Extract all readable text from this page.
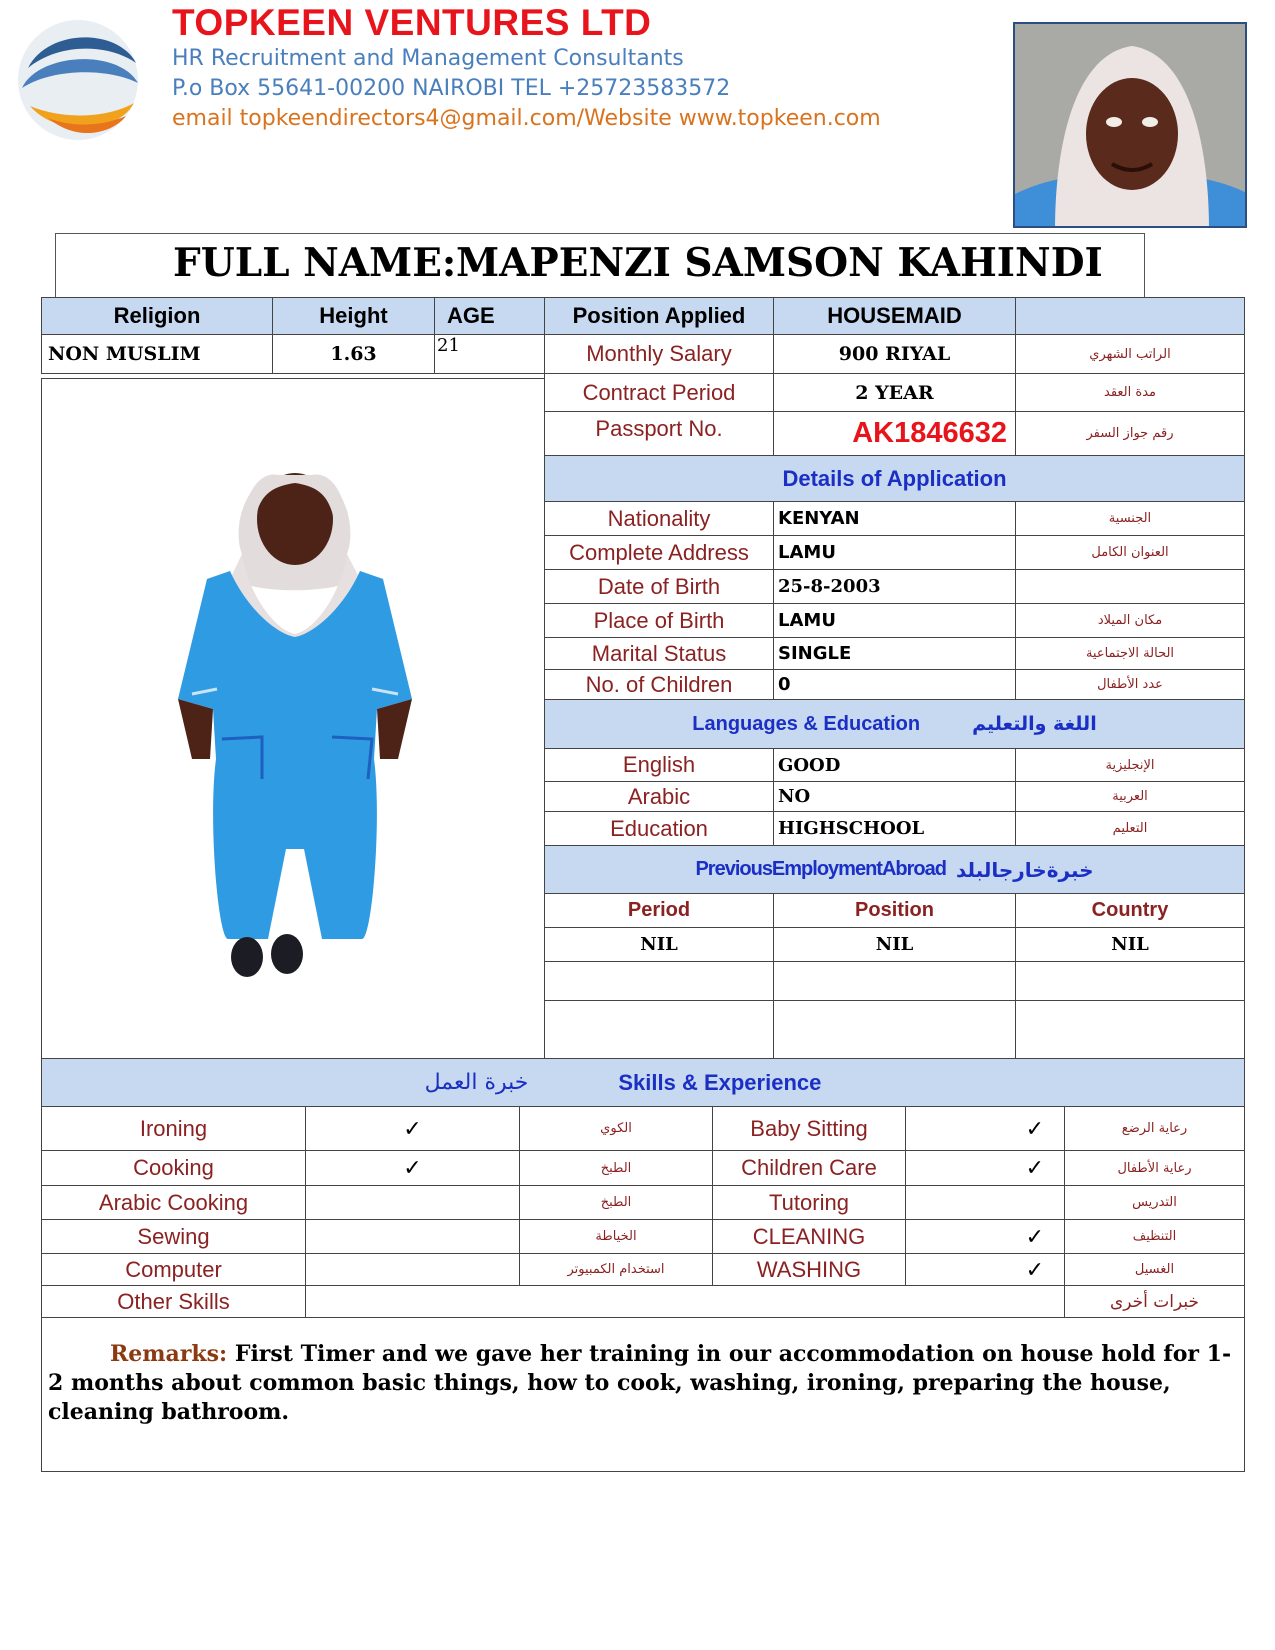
TOPKEEN VENTURES LTD
HR Recruitment and Management Consultants
P.o Box 55641-00200 NAIROBI TEL +25723583572
email topkeendirectors4@gmail.com/Website www.topkeen.com
FULL NAME: MAPENZI SAMSON KAHINDI
Religion	Height	AGE	Position Applied	HOUSEMAID
NON MUSLIM	1.63	21	Monthly Salary	900 RIYAL	الراتب الشهري
Contract Period	2 YEAR	مدة العقد
Passport No.	AK1846632	رقم جواز السفر
Details of Application
Nationality	KENYAN	الجنسية
Complete Address	LAMU	العنوان الكامل
Date of Birth	25-8-2003
Place of Birth	LAMU	مكان الميلاد
Marital Status	SINGLE	الحالة الاجتماعية
No. of Children	0	عدد الأطفال
Languages & Education	اللغة والتعليم
English	GOOD	الإنجليزية
Arabic	NO	العربية
Education	HIGHSCHOOL	التعليم
PreviousEmploymentAbroad خبرةخارجالبلد
Period	Position	Country
NIL	NIL	NIL
خبرة العمل	Skills & Experience
Ironing	✓	الكوي	Baby Sitting	✓	رعاية الرضع
Cooking	✓	الطبخ	Children Care	✓	رعاية الأطفال
Arabic Cooking	الطبخ	Tutoring	التدريس
Sewing	الخياطة	CLEANING	✓	التنظيف
Computer	استخدام الكمبيوتر	WASHING	✓	الغسيل
Other Skills	خبرات أخرى
Remarks: First Timer and we gave her training in our accommodation on house hold for 1-2 months about common basic things, how to cook, washing, ironing, preparing the house, cleaning bathroom.
